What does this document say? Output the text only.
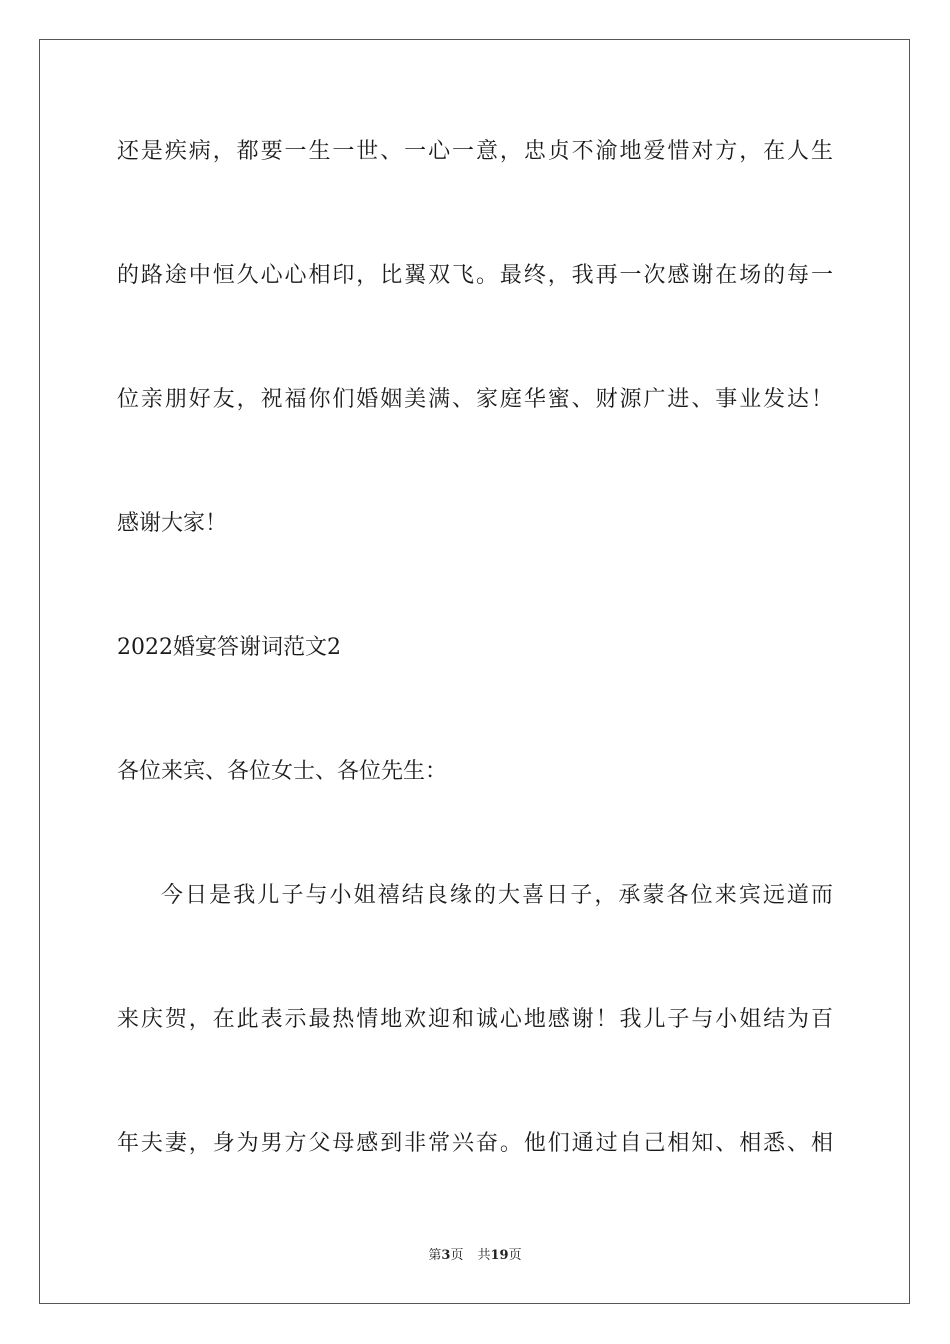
还是疾病，都要一生一世、一心一意，忠贞不渝地爱惜对方，在人生
的路途中恒久心心相印，比翼双飞。最终，我再一次感谢在场的每一
位亲朋好友，祝福你们婚姻美满、家庭华蜜、财源广进、事业发达！
感谢大家！
2022婚宴答谢词范文2
各位来宾、各位女士、各位先生：
今日是我儿子与小姐禧结良缘的大喜日子，承蒙各位来宾远道而
来庆贺，在此表示最热情地欢迎和诚心地感谢！我儿子与小姐结为百
年夫妻，身为男方父母感到非常兴奋。他们通过自己相知、相悉、相
第3页 共19页
